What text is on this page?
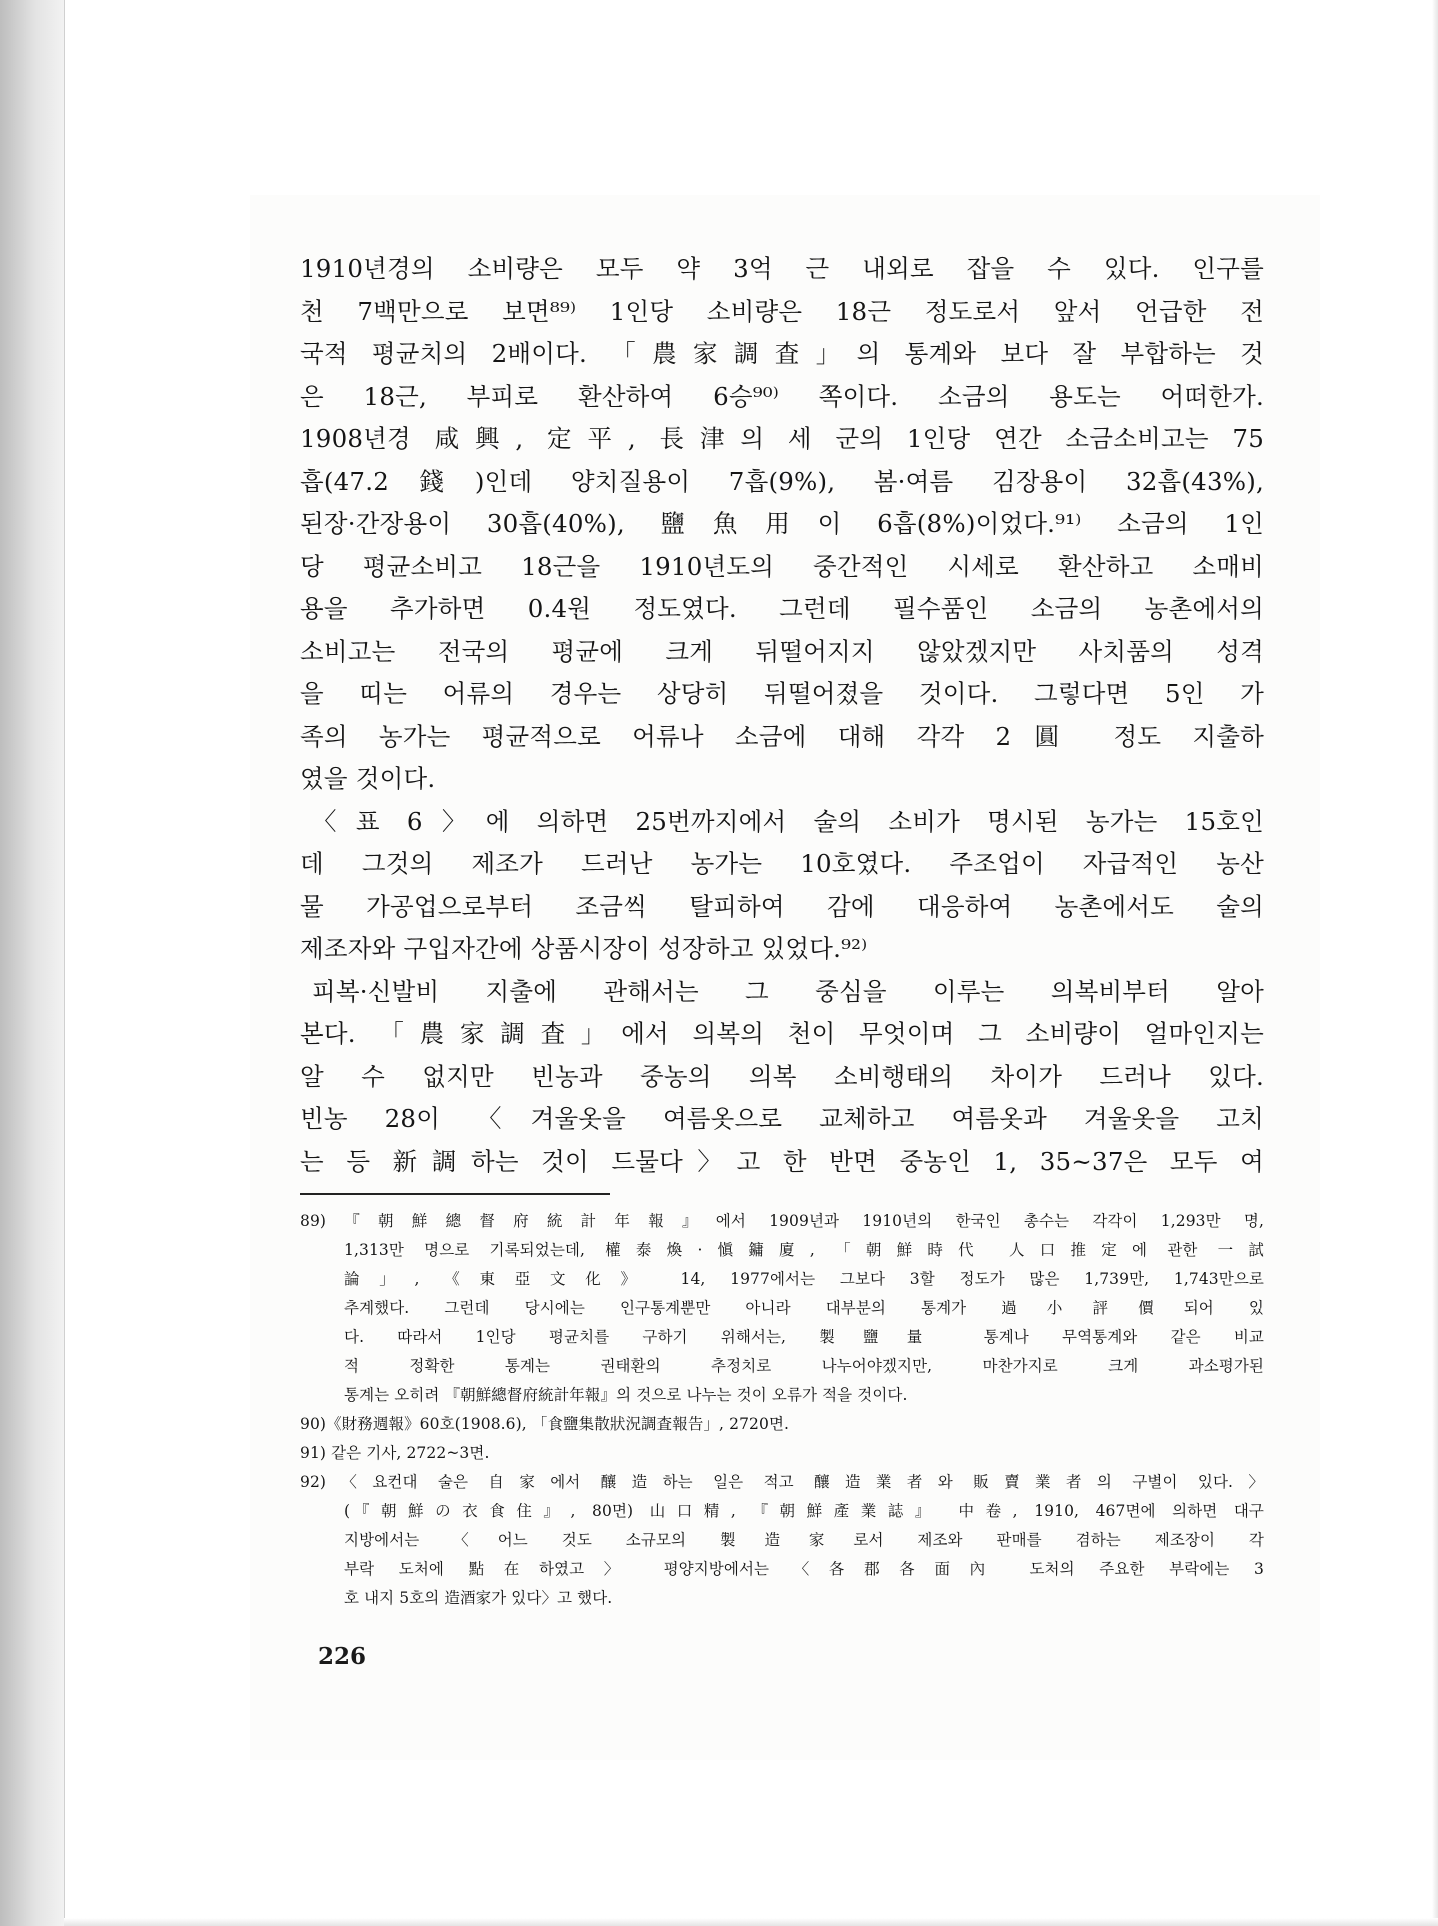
1910년경의 소비량은 모두 약 3억 근 내외로 잡을 수 있다. 인구를

천 7백만으로 보면⁸⁹⁾ 1인당 소비량은 18근 정도로서 앞서 언급한 전

국적 평균치의 2배이다. 「農家調査」의 통계와 보다 잘 부합하는 것

은 18근, 부피로 환산하여 6승⁹⁰⁾ 쪽이다. 소금의 용도는 어떠한가.

1908년경 咸興, 定平, 長津의 세 군의 1인당 연간 소금소비고는 75

흡(47.2錢)인데 양치질용이 7흡(9%), 봄·여름 김장용이 32흡(43%),

된장·간장용이 30흡(40%), 鹽魚用이 6흡(8%)이었다.⁹¹⁾ 소금의 1인

당 평균소비고 18근을 1910년도의 중간적인 시세로 환산하고 소매비

용을 추가하면 0.4원 정도였다. 그런데 필수품인 소금의 농촌에서의

소비고는 전국의 평균에 크게 뒤떨어지지 않았겠지만 사치품의 성격

을 띠는 어류의 경우는 상당히 뒤떨어졌을 것이다. 그렇다면 5인 가

족의 농가는 평균적으로 어류나 소금에 대해 각각 2圓 정도 지출하

였을 것이다.

〈표 6〉에 의하면 25번까지에서 술의 소비가 명시된 농가는 15호인

데 그것의 제조가 드러난 농가는 10호였다. 주조업이 자급적인 농산

물 가공업으로부터 조금씩 탈피하여 감에 대응하여 농촌에서도 술의

제조자와 구입자간에 상품시장이 성장하고 있었다.⁹²⁾

피복·신발비 지출에 관해서는 그 중심을 이루는 의복비부터 알아

본다. 「農家調査」에서 의복의 천이 무엇이며 그 소비량이 얼마인지는

알 수 없지만 빈농과 중농의 의복 소비행태의 차이가 드러나 있다.

빈농 28이 〈겨울옷을 여름옷으로 교체하고 여름옷과 겨울옷을 고치

는 등 新調하는 것이 드물다〉고 한 반면 중농인 1, 35~37은 모두 여

89)『朝鮮總督府統計年報』에서 1909년과 1910년의 한국인 총수는 각각이 1,293만 명,

1,313만 명으로 기록되었는데, 權泰煥·愼鏞廈, 「朝鮮時代 人口推定에 관한 一試

論」, 《東亞文化》 14, 1977에서는 그보다 3할 정도가 많은 1,739만, 1,743만으로

추계했다. 그런데 당시에는 인구통계뿐만 아니라 대부분의 통계가 過小評價되어 있

다. 따라서 1인당 평균치를 구하기 위해서는, 製鹽量 통계나 무역통계와 같은 비교

적 정확한 통계는 권태환의 추정치로 나누어야겠지만, 마찬가지로 크게 과소평가된

통계는 오히려 『朝鮮總督府統計年報』의 것으로 나누는 것이 오류가 적을 것이다.

90)《財務週報》60호(1908.6), 「食鹽集散狀況調査報告」, 2720면.

91) 같은 기사, 2722~3면.

92)〈요컨대 술은 自家에서 釀造하는 일은 적고 釀造業者와 販賣業者의 구별이 있다.〉

(『朝鮮の衣食住』, 80면) 山口精, 『朝鮮產業誌』 中卷, 1910, 467면에 의하면 대구

지방에서는 〈어느 것도 소규모의 製造家로서 제조와 판매를 겸하는 제조장이 각

부락 도처에 點在하였고〉 평양지방에서는 〈各郡各面內 도처의 주요한 부락에는 3

호 내지 5호의 造酒家가 있다〉고 했다.

226
